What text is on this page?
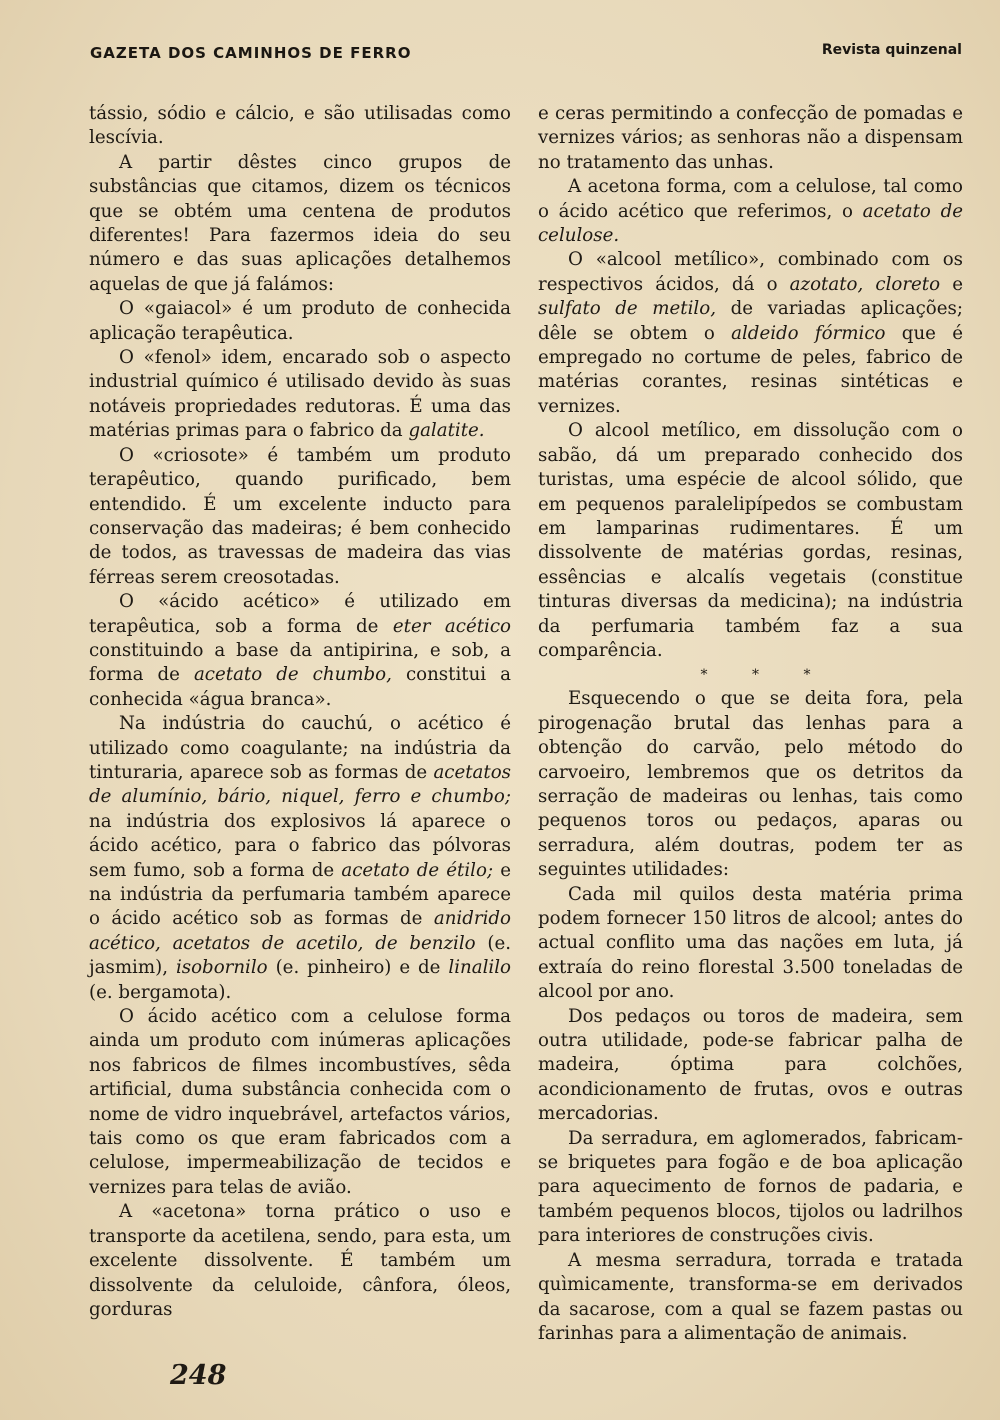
GAZETA DOS CAMINHOS DE FERRO	Revista quinzenal

tássio, sódio e cálcio, e são utilisadas como lescívia.

A partir dêstes cinco grupos de substâncias que citamos, dizem os técnicos que se obtém uma centena de produtos diferentes! Para fazermos ideia do seu número e das suas aplicações detalhemos aquelas de que já falámos:

O «gaiacol» é um produto de conhecida aplicação terapêutica.

O «fenol» idem, encarado sob o aspecto industrial químico é utilisado devido às suas notáveis propriedades redutoras. É uma das matérias primas para o fabrico da galatite.

O «criosote» é também um produto terapêutico, quando purificado, bem entendido. É um excelente inducto para conservação das madeiras; é bem conhecido de todos, as travessas de madeira das vias férreas serem creosotadas.

O «ácido acético» é utilizado em terapêutica, sob a forma de eter acético constituindo a base da antipirina, e sob, a forma de acetato de chumbo, constitui a conhecida «água branca».

Na indústria do cauchú, o acético é utilizado como coagulante; na indústria da tinturaria, aparece sob as formas de acetatos de alumínio, bário, niquel, ferro e chumbo; na indústria dos explosivos lá aparece o ácido acético, para o fabrico das pólvoras sem fumo, sob a forma de acetato de étilo; e na indústria da perfumaria também aparece o ácido acético sob as formas de anidrido acético, acetatos de acetilo, de benzilo (e. jasmim), isobornilo (e. pinheiro) e de linalilo (e. bergamota).

O ácido acético com a celulose forma ainda um produto com inúmeras aplicações nos fabricos de filmes incombustíves, sêda artificial, duma substância conhecida com o nome de vidro inquebrável, artefactos vários, tais como os que eram fabricados com a celulose, impermeabilização de tecidos e vernizes para telas de avião.

A «acetona» torna prático o uso e transporte da acetilena, sendo, para esta, um excelente dissolvente. É também um dissolvente da celuloide, cânfora, óleos, gorduras

e ceras permitindo a confecção de pomadas e vernizes vários; as senhoras não a dispensam no tratamento das unhas.

A acetona forma, com a celulose, tal como o ácido acético que referimos, o acetato de celulose.

O «alcool metílico», combinado com os respectivos ácidos, dá o azotato, cloreto e sulfato de metilo, de variadas aplicações; dêle se obtem o aldeido fórmico que é empregado no cortume de peles, fabrico de matérias corantes, resinas sintéticas e vernizes.

O alcool metílico, em dissolução com o sabão, dá um preparado conhecido dos turistas, uma espécie de alcool sólido, que em pequenos paralelipípedos se combustam em lamparinas rudimentares. É um dissolvente de matérias gordas, resinas, essências e alcalís vegetais (constitue tinturas diversas da medicina); na indústria da perfumaria também faz a sua comparência.

* * *

Esquecendo o que se deita fora, pela pirogenação brutal das lenhas para a obtenção do carvão, pelo método do carvoeiro, lembremos que os detritos da serração de madeiras ou lenhas, tais como pequenos toros ou pedaços, aparas ou serradura, além doutras, podem ter as seguintes utilidades:

Cada mil quilos desta matéria prima podem fornecer 150 litros de alcool; antes do actual conflito uma das nações em luta, já extraía do reino florestal 3.500 toneladas de alcool por ano.

Dos pedaços ou toros de madeira, sem outra utilidade, pode-se fabricar palha de madeira, óptima para colchões, acondicionamento de frutas, ovos e outras mercadorias.

Da serradura, em aglomerados, fabricam-se briquetes para fogão e de boa aplicação para aquecimento de fornos de padaria, e também pequenos blocos, tijolos ou ladrilhos para interiores de construções civis.

A mesma serradura, torrada e tratada quìmicamente, transforma-se em derivados da sacarose, com a qual se fazem pastas ou farinhas para a alimentação de animais.

248
